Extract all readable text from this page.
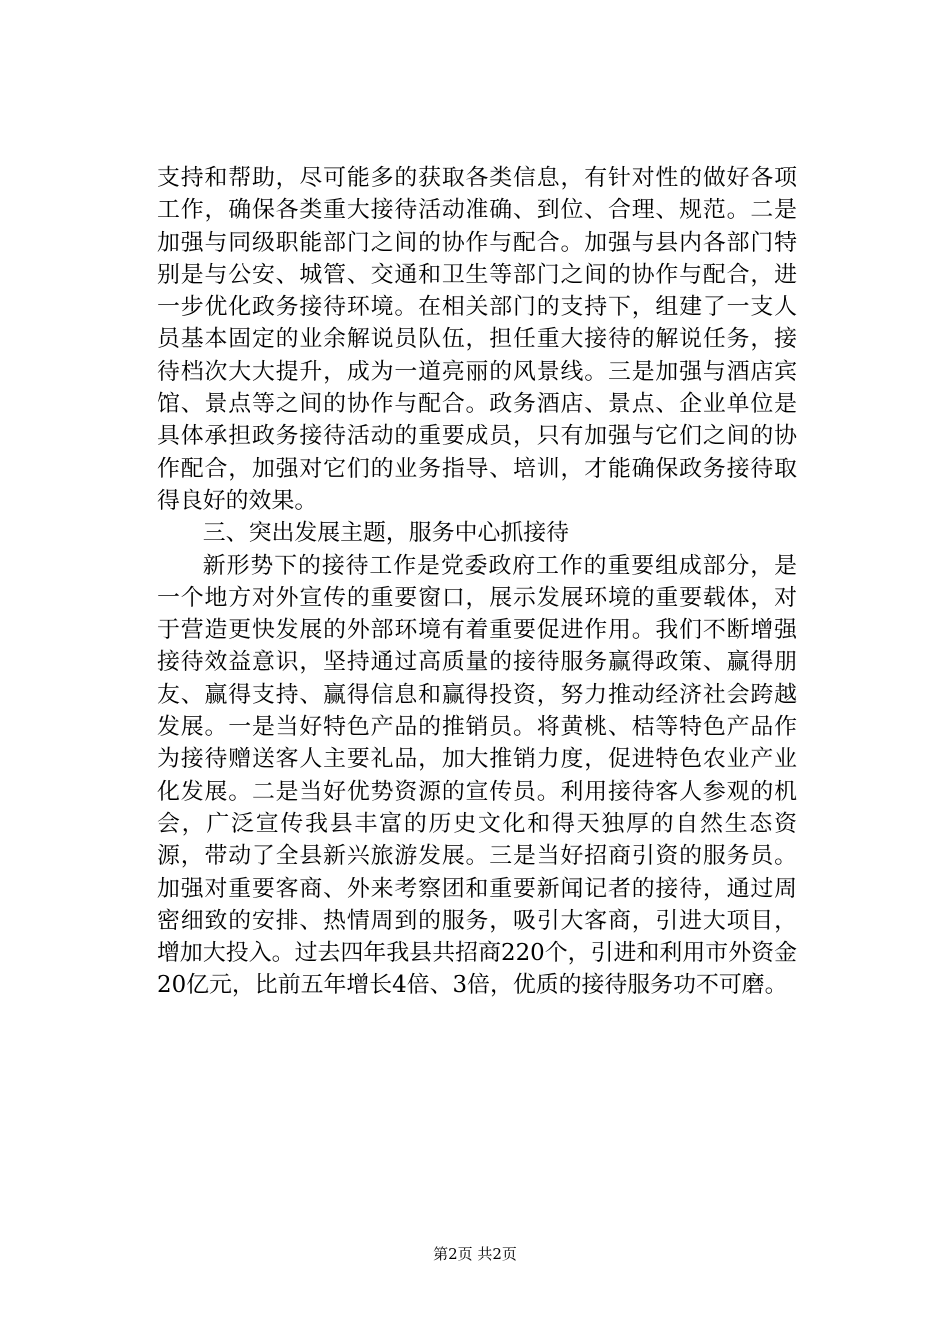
支持和帮助，尽可能多的获取各类信息，有针对性的做好各项工作，确保各类重大接待活动准确、到位、合理、规范。二是加强与同级职能部门之间的协作与配合。加强与县内各部门特别是与公安、城管、交通和卫生等部门之间的协作与配合，进一步优化政务接待环境。在相关部门的支持下，组建了一支人员基本固定的业余解说员队伍，担任重大接待的解说任务，接待档次大大提升，成为一道亮丽的风景线。三是加强与酒店宾馆、景点等之间的协作与配合。政务酒店、景点、企业单位是具体承担政务接待活动的重要成员，只有加强与它们之间的协作配合，加强对它们的业务指导、培训，才能确保政务接待取得良好的效果。

三、突出发展主题，服务中心抓接待

新形势下的接待工作是党委政府工作的重要组成部分，是一个地方对外宣传的重要窗口，展示发展环境的重要载体，对于营造更快发展的外部环境有着重要促进作用。我们不断增强接待效益意识，坚持通过高质量的接待服务赢得政策、赢得朋友、赢得支持、赢得信息和赢得投资，努力推动经济社会跨越发展。一是当好特色产品的推销员。将黄桃、桔等特色产品作为接待赠送客人主要礼品，加大推销力度，促进特色农业产业化发展。二是当好优势资源的宣传员。利用接待客人参观的机会，广泛宣传我县丰富的历史文化和得天独厚的自然生态资源，带动了全县新兴旅游发展。三是当好招商引资的服务员。加强对重要客商、外来考察团和重要新闻记者的接待，通过周密细致的安排、热情周到的服务，吸引大客商，引进大项目，增加大投入。过去四年我县共招商220个，引进和利用市外资金20亿元，比前五年增长4倍、3倍，优质的接待服务功不可磨。

第2页 共2页
